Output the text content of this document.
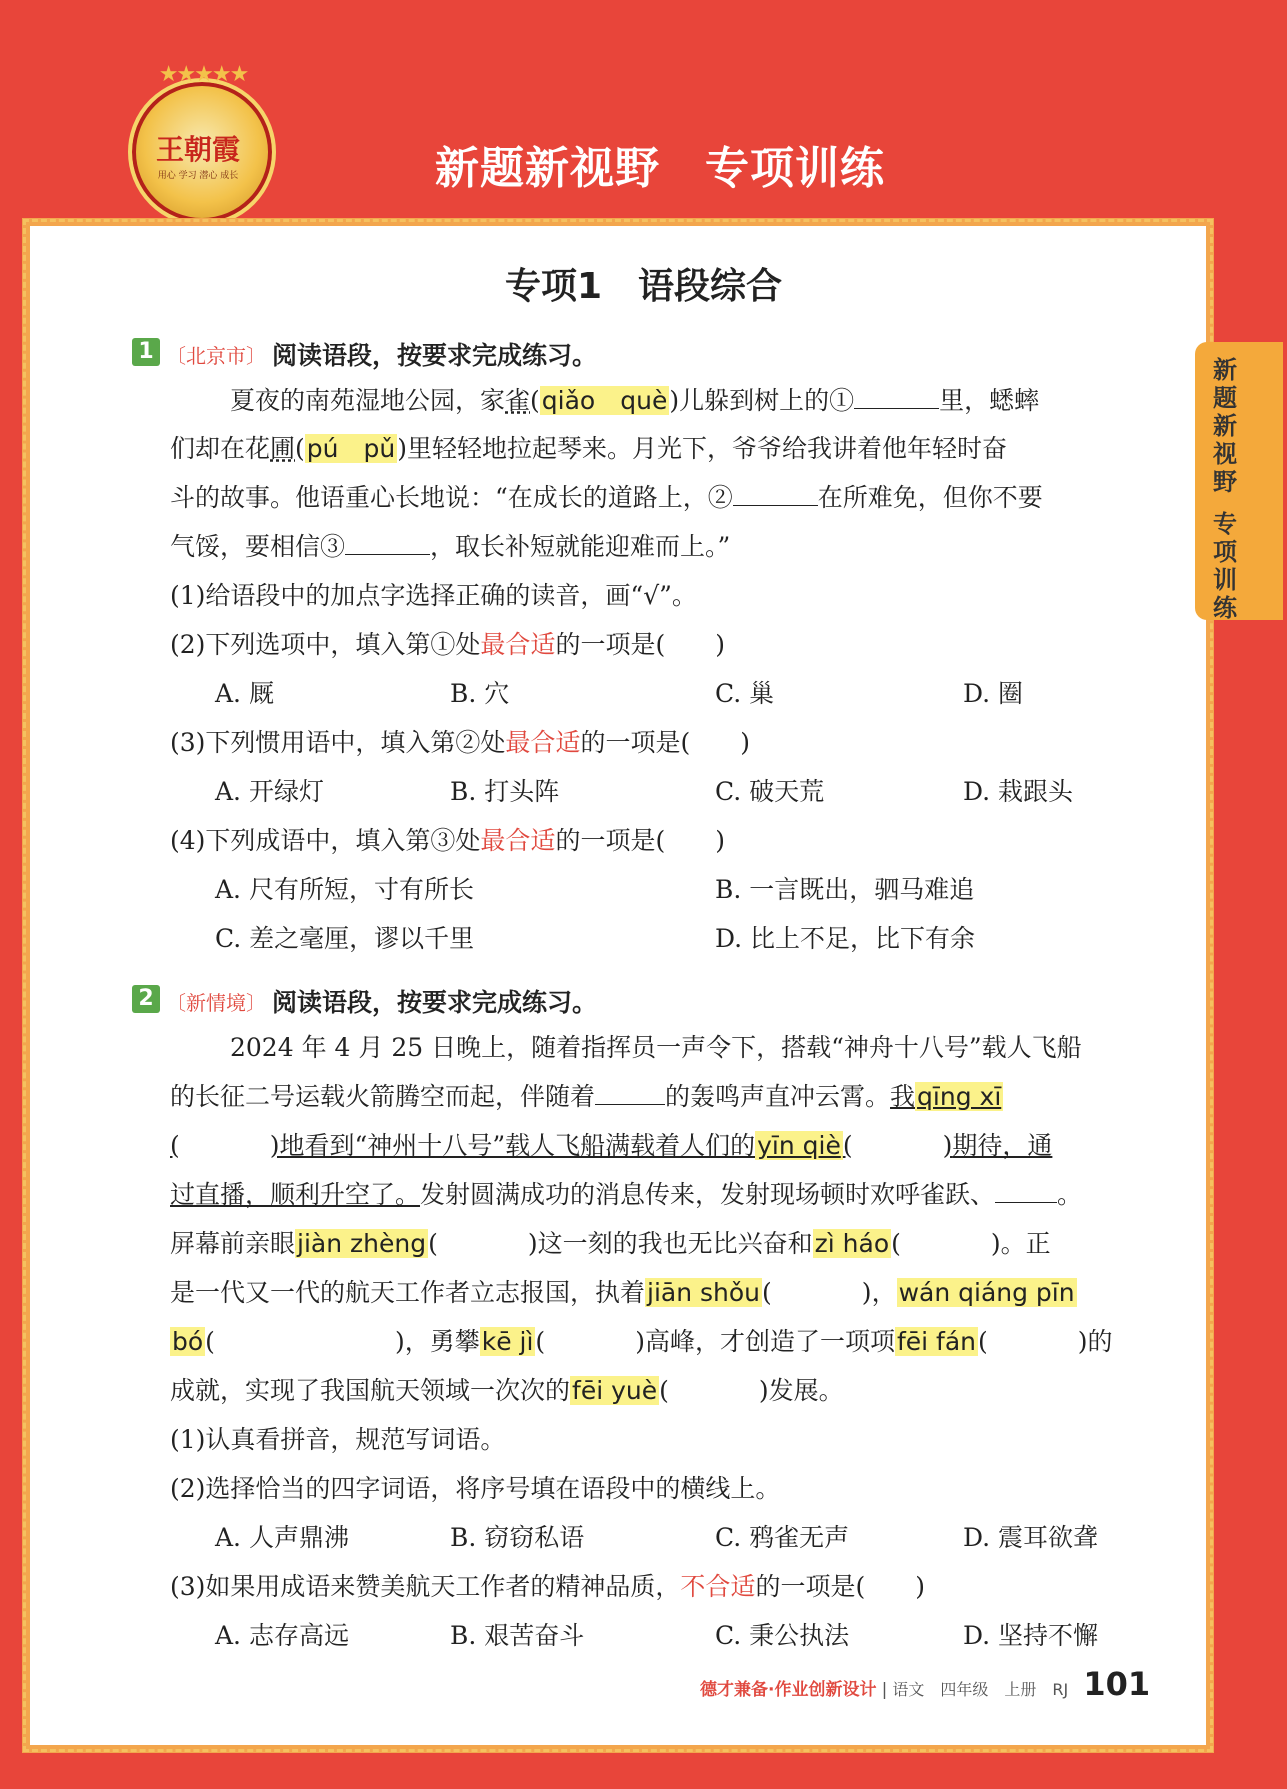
★★★★★
王朝霞
用心 学习 潜心 成长	新题新视野　专项训练
新题新视野
专项训练
专项1　语段综合
1 〔北京市〕 阅读语段，按要求完成练习。
夏夜的南苑湿地公园，家雀(qiǎo　què)儿躲到树上的①	里，蟋蟀
们却在花圃(pú　pǔ)里轻轻地拉起琴来。月光下，爷爷给我讲着他年轻时奋
斗的故事。他语重心长地说：“在成长的道路上，②	在所难免，但你不要
气馁，要相信③	，取长补短就能迎难而上。”
(1)给语段中的加点字选择正确的读音，画“√”。
(2)下列选项中，填入第①处最合适的一项是(　　)
A. 厩	B. 穴	C. 巢	D. 圈
(3)下列惯用语中，填入第②处最合适的一项是(　　)
A. 开绿灯	B. 打头阵	C. 破天荒	D. 栽跟头
(4)下列成语中，填入第③处最合适的一项是(　　)
A. 尺有所短，寸有所长	B. 一言既出，驷马难追
C. 差之毫厘，谬以千里	D. 比上不足，比下有余
2 〔新情境〕 阅读语段，按要求完成练习。
2024 年 4 月 25 日晚上，随着指挥员一声令下，搭载“神舟十八号”载人飞船
的长征二号运载火箭腾空而起，伴随着	的轰鸣声直冲云霄。我qīng xī
(	)地看到“神州十八号”载人飞船满载着人们的yīn qiè(	)期待，通
过直播，顺利升空了。发射圆满成功的消息传来，发射现场顿时欢呼雀跃、 。
屏幕前亲眼jiàn zhèng(	)这一刻的我也无比兴奋和zì háo(	)。正
是一代又一代的航天工作者立志报国，执着jiān shǒu(	)，wán qiáng pīn
bó(	)，勇攀kē jì(	)高峰，才创造了一项项fēi fán(	)的
成就，实现了我国航天领域一次次的fēi yuè(	)发展。
(1)认真看拼音，规范写词语。
(2)选择恰当的四字词语，将序号填在语段中的横线上。
A. 人声鼎沸	B. 窃窃私语	C. 鸦雀无声	D. 震耳欲聋
(3)如果用成语来赞美航天工作者的精神品质，不合适的一项是(　　)
A. 志存高远	B. 艰苦奋斗	C. 秉公执法	D. 坚持不懈
德才兼备·作业创新设计 | 语文　四年级　上册　RJ 101
